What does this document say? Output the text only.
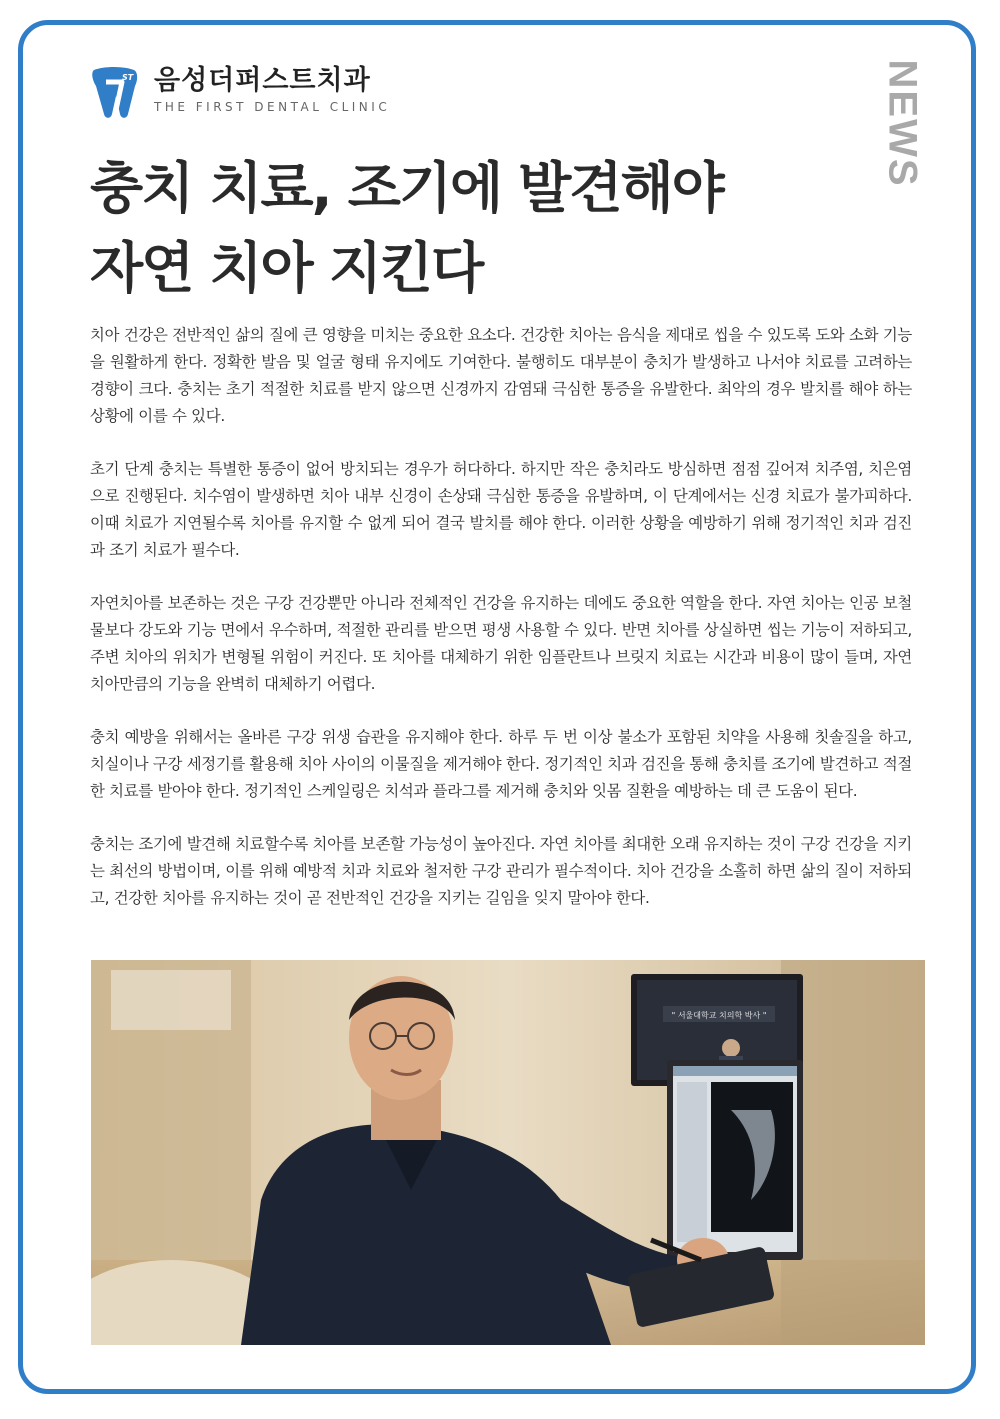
ST 음성더퍼스트치과
THE FIRST DENTAL CLINIC	NEWS
충치 치료, 조기에 발견해야
자연 치아 지킨다

치아 건강은 전반적인 삶의 질에 큰 영향을 미치는 중요한 요소다. 건강한 치아는 음식을 제대로 씹을 수 있도록 도와 소화 기능을 원활하게 한다. 정확한 발음 및 얼굴 형태 유지에도 기여한다. 불행히도 대부분이 충치가 발생하고 나서야 치료를 고려하는 경향이 크다. 충치는 초기 적절한 치료를 받지 않으면 신경까지 감염돼 극심한 통증을 유발한다. 최악의 경우 발치를 해야 하는 상황에 이를 수 있다.

초기 단계 충치는 특별한 통증이 없어 방치되는 경우가 허다하다. 하지만 작은 충치라도 방심하면 점점 깊어져 치주염, 치은염으로 진행된다. 치수염이 발생하면 치아 내부 신경이 손상돼 극심한 통증을 유발하며, 이 단계에서는 신경 치료가 불가피하다. 이때 치료가 지연될수록 치아를 유지할 수 없게 되어 결국 발치를 해야 한다. 이러한 상황을 예방하기 위해 정기적인 치과 검진과 조기 치료가 필수다.

자연치아를 보존하는 것은 구강 건강뿐만 아니라 전체적인 건강을 유지하는 데에도 중요한 역할을 한다. 자연 치아는 인공 보철물보다 강도와 기능 면에서 우수하며, 적절한 관리를 받으면 평생 사용할 수 있다. 반면 치아를 상실하면 씹는 기능이 저하되고, 주변 치아의 위치가 변형될 위험이 커진다. 또 치아를 대체하기 위한 임플란트나 브릿지 치료는 시간과 비용이 많이 들며, 자연 치아만큼의 기능을 완벽히 대체하기 어렵다.

충치 예방을 위해서는 올바른 구강 위생 습관을 유지해야 한다. 하루 두 번 이상 불소가 포함된 치약을 사용해 칫솔질을 하고, 치실이나 구강 세정기를 활용해 치아 사이의 이물질을 제거해야 한다. 정기적인 치과 검진을 통해 충치를 조기에 발견하고 적절한 치료를 받아야 한다. 정기적인 스케일링은 치석과 플라그를 제거해 충치와 잇몸 질환을 예방하는 데 큰 도움이 된다.

충치는 조기에 발견해 치료할수록 치아를 보존할 가능성이 높아진다. 자연 치아를 최대한 오래 유지하는 것이 구강 건강을 지키는 최선의 방법이며, 이를 위해 예방적 치과 치료와 철저한 구강 관리가 필수적이다. 치아 건강을 소홀히 하면 삶의 질이 저하되고, 건강한 치아를 유지하는 것이 곧 전반적인 건강을 지키는 길임을 잊지 말아야 한다.

" 서울대학교 치의학 박사 "
